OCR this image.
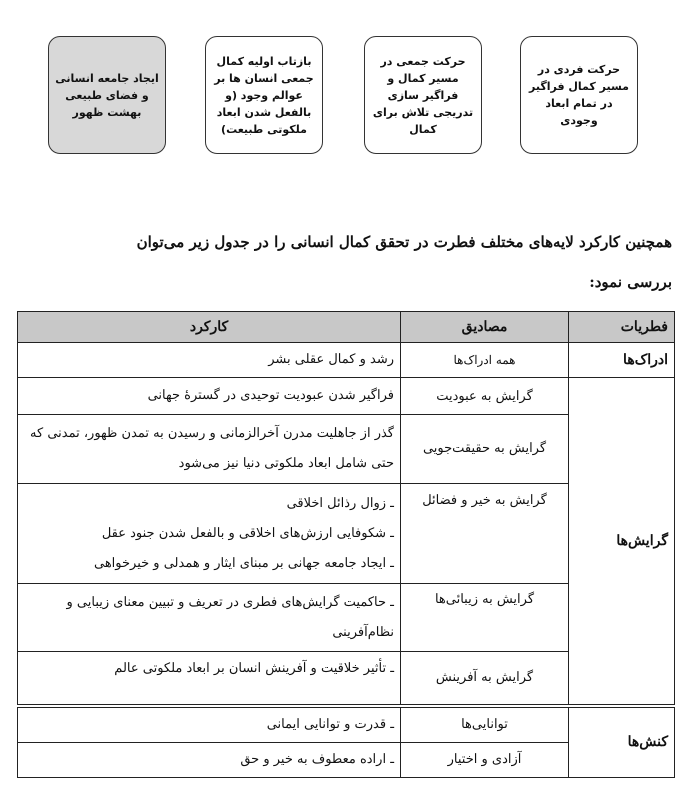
ایجاد جامعه انسانی و فضای طبیعی بهشت ظهور
بازتاب اولیه کمال جمعی انسان ها بر عوالم وجود (و بالفعل شدن ابعاد ملکوتی طبیعت)
حرکت جمعی در مسیر کمال و فراگیر سازی تدریجی تلاش برای کمال
حرکت فردی در مسیر کمال فراگیر در تمام ابعاد وجودی
همچنین کارکرد لایه‌های مختلف فطرت در تحقق کمال انسانی را در جدول زیر می‌توان
بررسی نمود:
فطریات	مصادیق	کارکرد
ادراک‌ها	همه ادراک‌ها	رشد و کمال عقلی بشر
گرایش‌ها	گرایش به عبودیت	فراگیر شدن عبودیت توحیدی در گسترهٔ جهانی
	گرایش به حقیقت‌جویی	گذر از جاهلیت مدرن آخرالزمانی و رسیدن به تمدن ظهور، تمدنی که حتی شامل ابعاد ملکوتی دنیا نیز می‌شود
	گرایش به خیر و فضائل	ـ زوال رذائل اخلاقی
ـ شکوفایی ارزش‌های اخلاقی و بالفعل شدن جنود عقل
ـ ایجاد جامعه جهانی بر مبنای ایثار و همدلی و خیرخواهی

	گرایش به زیبائی‌ها	ـ حاکمیت گرایش‌های فطری در تعریف و تبیین معنای زیبایی و نظام‌آفرینی
	گرایش به آفرینش	ـ تأثیر خلاقیت و آفرینش انسان بر ابعاد ملکوتی عالم
کنش‌ها	توانایی‌ها	ـ قدرت و توانایی ایمانی
	آزادی و اختیار	ـ اراده معطوف به خیر و حق
